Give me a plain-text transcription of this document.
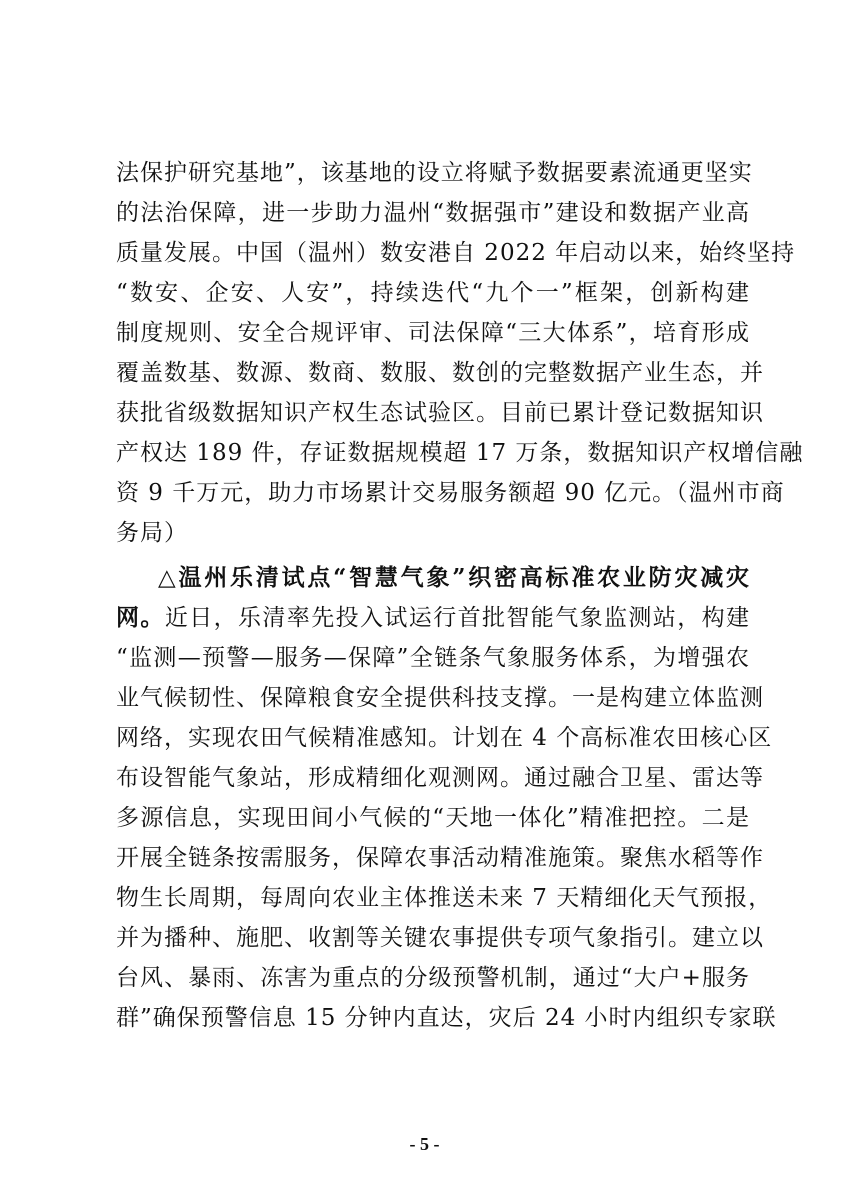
法保护研究基地”，该基地的设立将赋予数据要素流通更坚实
的法治保障，进一步助力温州“数据强市”建设和数据产业高
质量发展。中国（温州）数安港自 2022 年启动以来，始终坚持
“数安、企安、人安”，持续迭代“九个一”框架，创新构建
制度规则、安全合规评审、司法保障“三大体系”，培育形成
覆盖数基、数源、数商、数服、数创的完整数据产业生态，并
获批省级数据知识产权生态试验区。目前已累计登记数据知识
产权达 189 件，存证数据规模超 17 万条，数据知识产权增信融
资 9 千万元，助力市场累计交易服务额超 90 亿元。（温州市商
务局）
△温州乐清试点“智慧气象”织密高标准农业防灾减灾
网。近日，乐清率先投入试运行首批智能气象监测站，构建
“监测—预警—服务—保障”全链条气象服务体系，为增强农
业气候韧性、保障粮食安全提供科技支撑。一是构建立体监测
网络，实现农田气候精准感知。计划在 4 个高标准农田核心区
布设智能气象站，形成精细化观测网。通过融合卫星、雷达等
多源信息，实现田间小气候的“天地一体化”精准把控。二是
开展全链条按需服务，保障农事活动精准施策。聚焦水稻等作
物生长周期，每周向农业主体推送未来 7 天精细化天气预报，
并为播种、施肥、收割等关键农事提供专项气象指引。建立以
台风、暴雨、冻害为重点的分级预警机制，通过“大户+服务
群”确保预警信息 15 分钟内直达，灾后 24 小时内组织专家联
- 5 -
